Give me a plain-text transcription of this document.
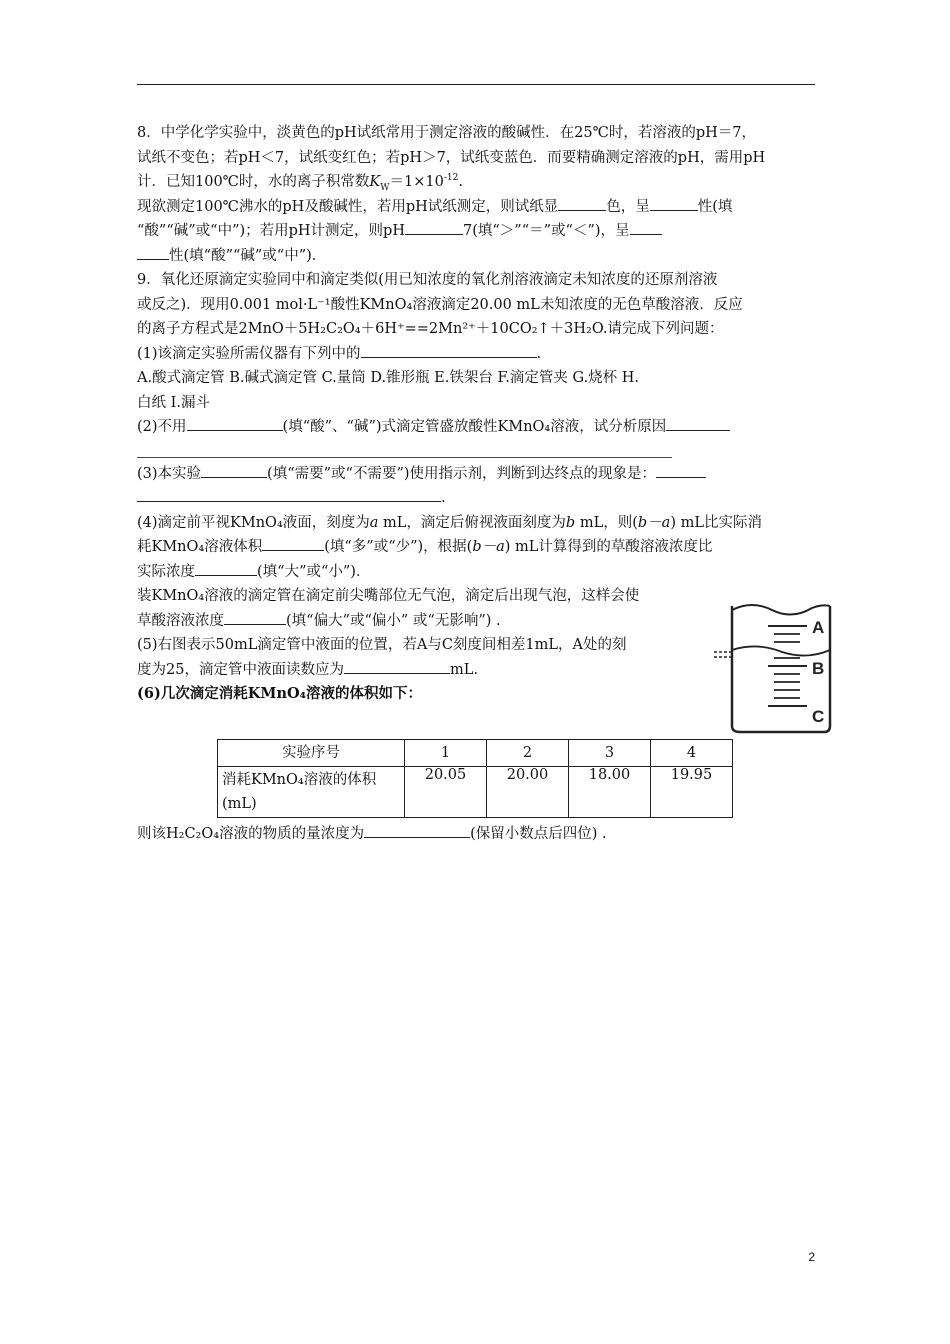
8．中学化学实验中，淡黄色的pH试纸常用于测定溶液的酸碱性．在25℃时，若溶液的pH＝7，

试纸不变色；若pH＜7，试纸变红色；若pH＞7，试纸变蓝色．而要精确测定溶液的pH，需用pH

计．已知100℃时，水的离子积常数$K_W=1\times 10^{-12}$.

现欲测定100℃沸水的pH及酸碱性，若用pH试纸测定，则试纸显	色，呈	性(填

“酸”“碱”或“中”)；若用pH计测定，则pH	7(填“＞”“＝”或“＜”)，呈

性(填“酸”“碱”或“中”)．

9．氧化还原滴定实验同中和滴定类似(用已知浓度的氧化剂溶液滴定未知浓度的还原剂溶液

或反之)．现用0.001 mol·L⁻¹酸性KMnO₄溶液滴定20.00 mL未知浓度的无色草酸溶液．反应

的离子方程式是2MnO＋5H₂C₂O₄＋6H⁺==2Mn²⁺＋10CO₂↑＋3H₂O.请完成下列问题：

(1)该滴定实验所需仪器有下列中的	.

A.酸式滴定管 B.碱式滴定管 C.量筒 D.锥形瓶 E.铁架台 F.滴定管夹 G.烧杯 H.

白纸 I.漏斗

(2)不用	(填“酸”、“碱”)式滴定管盛放酸性KMnO₄溶液，试分析原因

(3)本实验	(填“需要”或“不需要”)使用指示剂，判断到达终点的现象是：

.

(4)滴定前平视KMnO₄液面，刻度为a mL，滴定后俯视液面刻度为b mL，则(b－a) mL比实际消

耗KMnO₄溶液体积	(填“多”或“少”)，根据(b－a) mL计算得到的草酸溶液浓度比

实际浓度	(填“大”或“小”)．

装KMnO₄溶液的滴定管在滴定前尖嘴部位无气泡，滴定后出现气泡，这样会使

草酸溶液浓度	(填“偏大”或“偏小” 或“无影响”) .

(5)右图表示50mL滴定管中液面的位置，若A与C刻度间相差1mL，A处的刻

度为25，滴定管中液面读数应为	mL.

(6)几次滴定消耗KMnO₄溶液的体积如下：

实验序号	1	2	3	4
消耗KMnO₄溶液的体积(mL)	20.05	20.00	18.00	19.95

则该H₂C₂O₄溶液的物质的量浓度为	(保留小数点后四位) .

A
B
C
2
